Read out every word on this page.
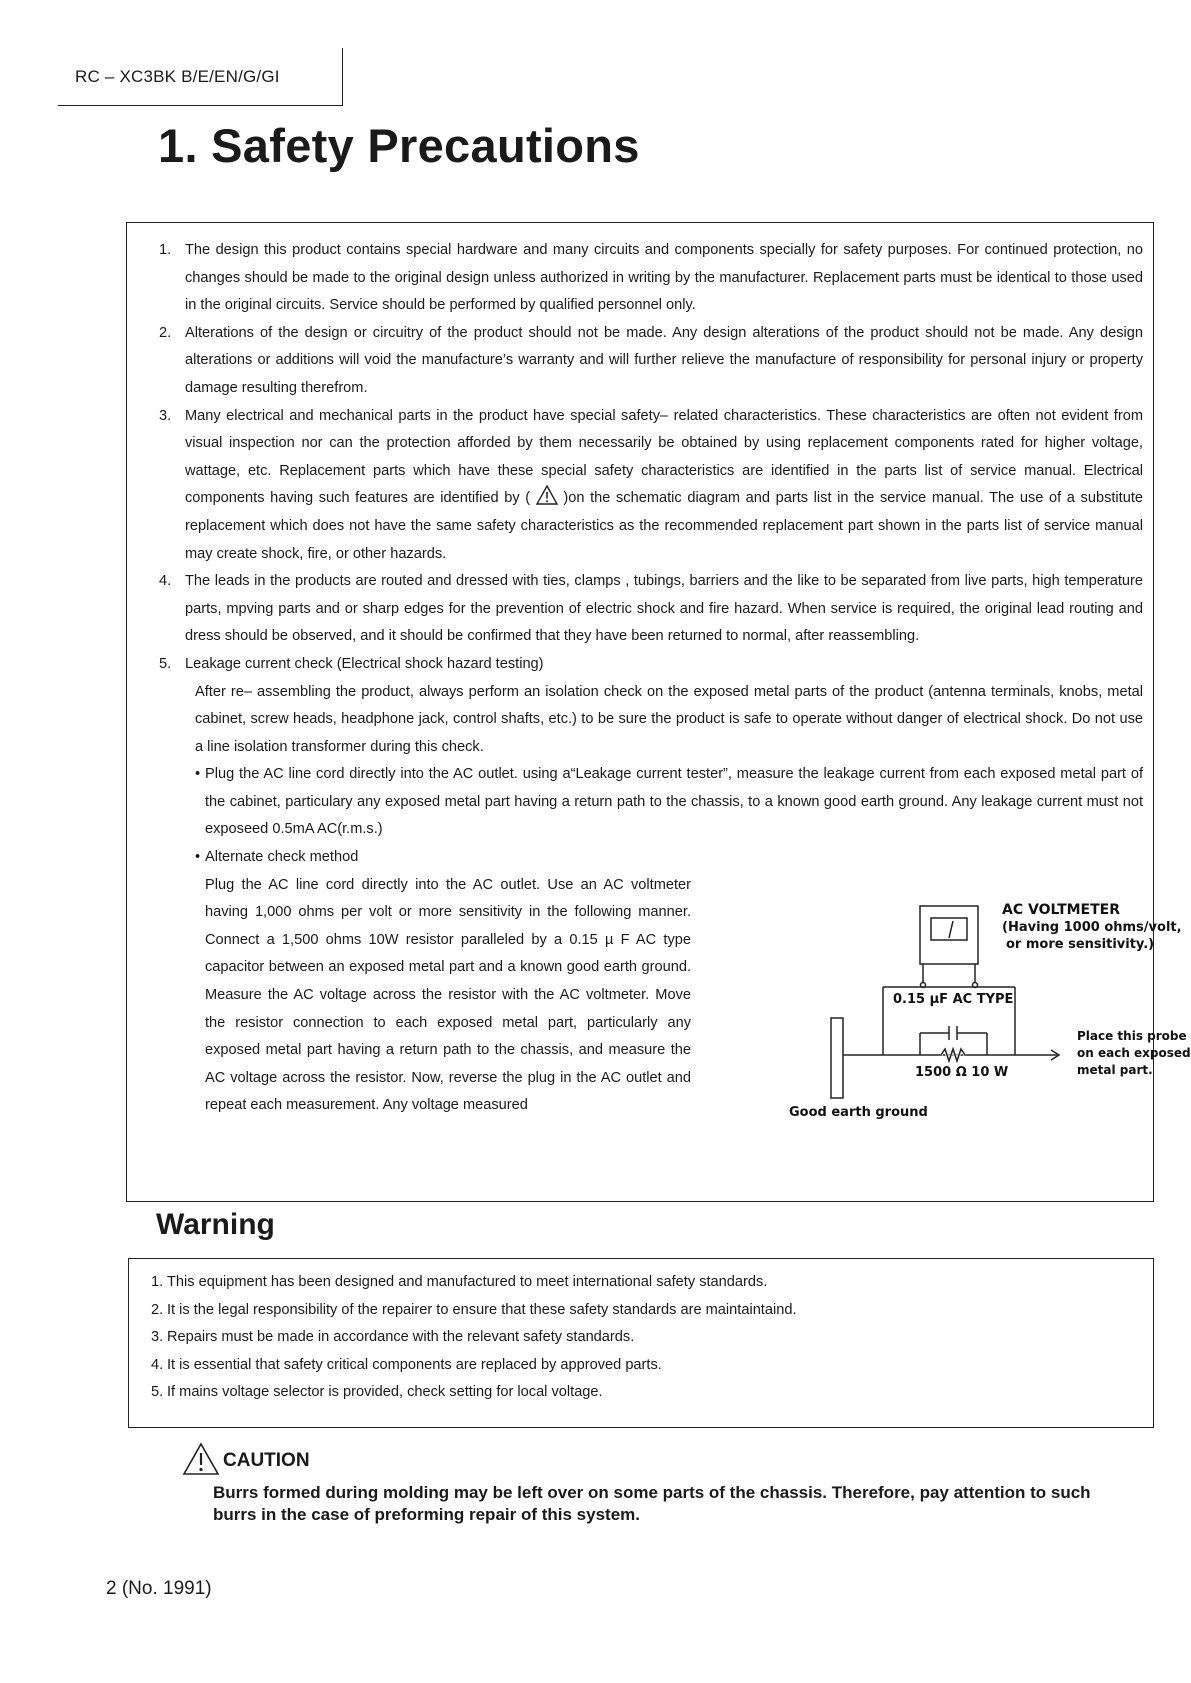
RC – XC3BK B/E/EN/G/GI
1. Safety Precautions
1. The design this product contains special hardware and many circuits and components specially for safety purposes. For continued protection, no changes should be made to the original design unless authorized in writing by the manufacturer. Replacement parts must be identical to those used in the original circuits. Service should be performed by qualified personnel only.
2. Alterations of the design or circuitry of the product should not be made. Any design alterations of the product should not be made. Any design alterations or additions will void the manufacture’s warranty and will further relieve the manufacture of responsibility for personal injury or property damage resulting therefrom.
3. Many electrical and mechanical parts in the product have special safety– related characteristics. These characteristics are often not evident from visual inspection nor can the protection afforded by them necessarily be obtained by using replacement components rated for higher voltage, wattage, etc. Replacement parts which have these special safety characteristics are identified in the parts list of service manual. Electrical components having such features are identified by ( )on the schematic diagram and parts list in the service manual. The use of a substitute replacement which does not have the same safety characteristics as the recommended replacement part shown in the parts list of service manual may create shock, fire, or other hazards.
4. The leads in the products are routed and dressed with ties, clamps , tubings, barriers and the like to be separated from live parts, high temperature parts, mpving parts and or sharp edges for the prevention of electric shock and fire hazard. When service is required, the original lead routing and dress should be observed, and it should be confirmed that they have been returned to normal, after reassembling.
5. Leakage current check (Electrical shock hazard testing)
After re– assembling the product, always perform an isolation check on the exposed metal parts of the product (antenna terminals, knobs, metal cabinet, screw heads, headphone jack, control shafts, etc.) to be sure the product is safe to operate without danger of electrical shock. Do not use a line isolation transformer during this check.
• Plug the AC line cord directly into the AC outlet. using a“Leakage current tester”, measure the leakage current from each exposed metal part of the cabinet, particulary any exposed metal part having a return path to the chassis, to a known good earth ground. Any leakage current must not exposeed 0.5mA AC(r.m.s.)
• Alternate check method
Plug the AC line cord directly into the AC outlet. Use an AC voltmeter having 1,000 ohms per volt or more sensitivity in the following manner. Connect a 1,500 ohms 10W resistor paralleled by a 0.15 µ F AC type capacitor between an exposed metal part and a known good earth ground. Measure the AC voltage across the resistor with the AC voltmeter. Move the resistor connection to each exposed metal part, particularly any exposed metal part having a return path to the chassis, and measure the AC voltage across the resistor. Now, reverse the plug in the AC outlet and repeat each measurement. Any voltage measured
AC VOLTMETER
(Having 1000 ohms/volt,
or more sensitivity.)
0.15 µF AC TYPE
1500 Ω 10 W
Place this probe
on each exposed
metal part.
Good earth ground
Warning
1. This equipment has been designed and manufactured to meet international safety standards.
2. It is the legal responsibility of the repairer to ensure that these safety standards are maintaintaind.
3. Repairs must be made in accordance with the relevant safety standards.
4. It is essential that safety critical components are replaced by approved parts.
5. If mains voltage selector is provided, check setting for local voltage.
CAUTION
Burrs formed during molding may be left over on some parts of the chassis. Therefore, pay attention to such burrs in the case of preforming repair of this system.
2 (No. 1991)
